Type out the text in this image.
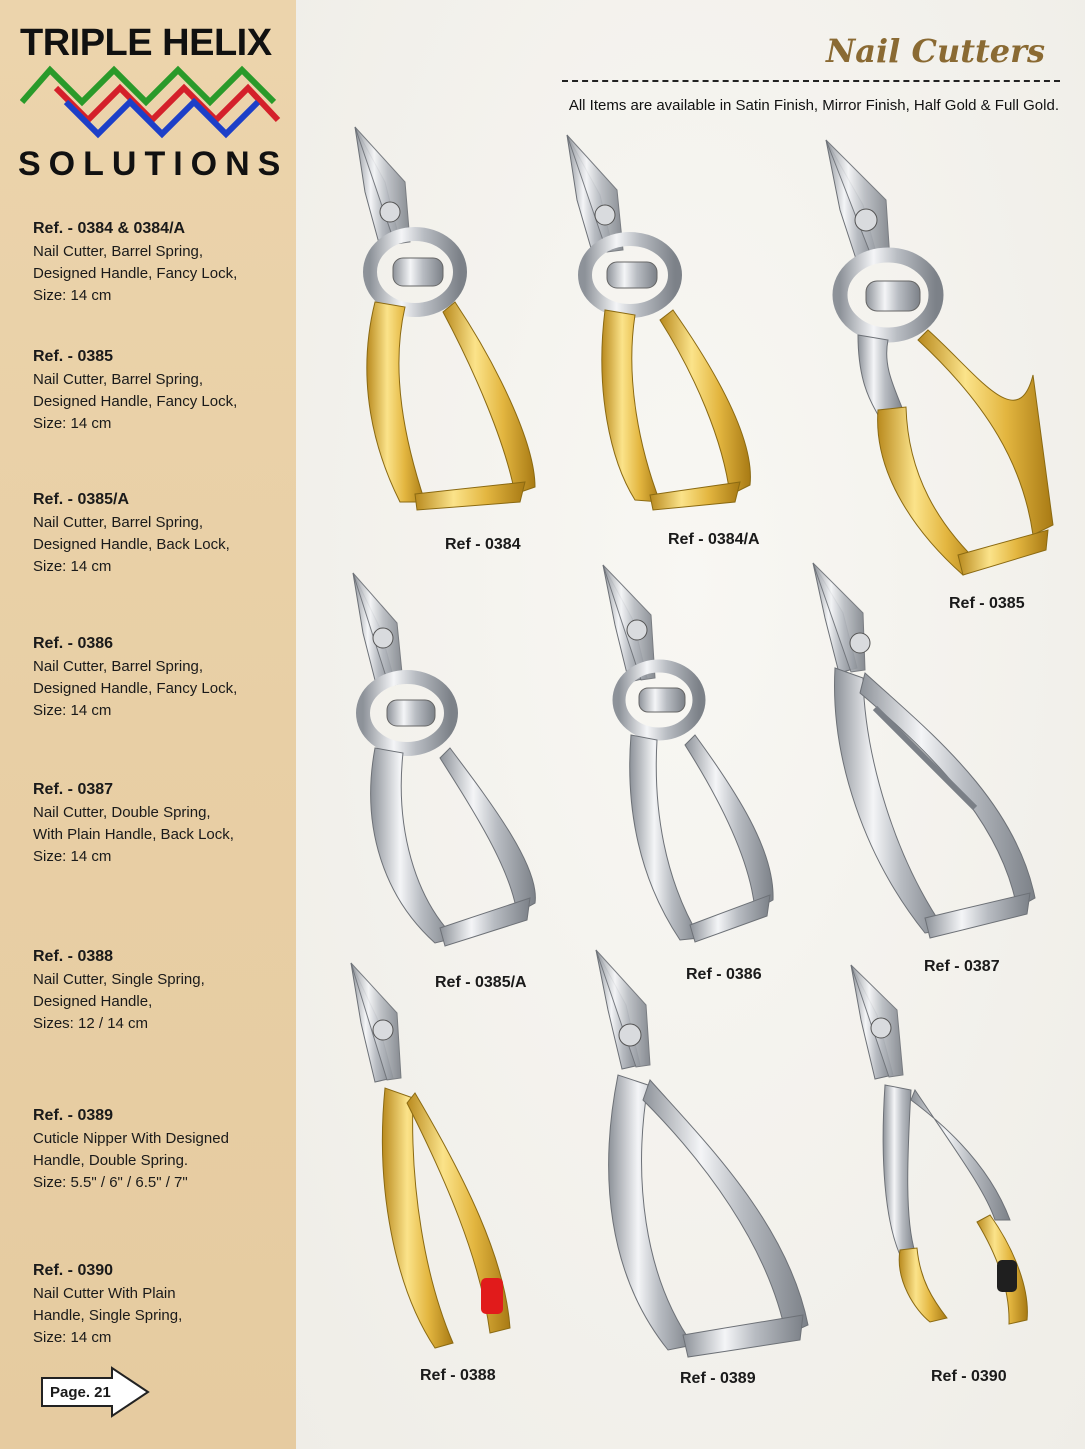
TRIPLE HELIX
SOLUTIONS
Ref. - 0384 & 0384/A
Nail Cutter, Barrel Spring,
Designed Handle, Fancy Lock,
Size: 14 cm
Ref. - 0385
Nail Cutter, Barrel Spring,
Designed Handle, Fancy Lock,
Size: 14 cm
Ref. - 0385/A
Nail Cutter, Barrel Spring,
Designed Handle, Back Lock,
Size: 14 cm
Ref. - 0386
Nail Cutter, Barrel Spring,
Designed Handle, Fancy Lock,
Size: 14 cm
Ref. - 0387
Nail Cutter, Double Spring,
With Plain Handle, Back Lock,
Size: 14 cm
Ref. - 0388
Nail Cutter, Single Spring,
Designed Handle,
Sizes: 12 / 14 cm
Ref. - 0389
Cuticle Nipper With Designed
Handle, Double Spring.
Size: 5.5" / 6" / 6.5" / 7"
Ref. - 0390
Nail Cutter With Plain
Handle, Single Spring,
Size: 14 cm
Page. 21
Nail Cutters
All Items are available in Satin Finish, Mirror Finish, Half Gold & Full Gold.
Ref - 0384	Ref - 0384/A
Ref - 0385
Ref - 0385/A	Ref - 0386	Ref - 0387
Ref - 0388	Ref - 0389	Ref - 0390
